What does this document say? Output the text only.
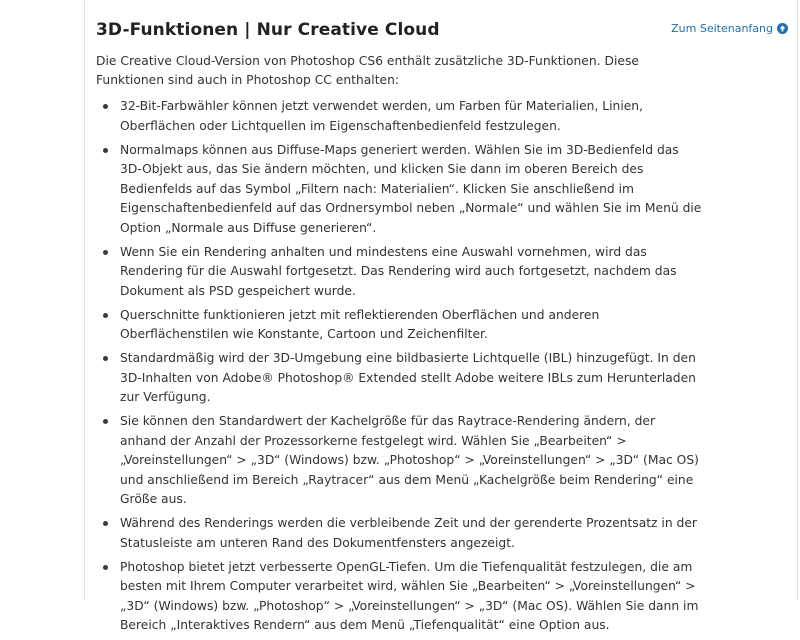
3D-Funktionen | Nur Creative Cloud	Zum Seitenanfang

Die Creative Cloud-Version von Photoshop CS6 enthält zusätzliche 3D-Funktionen. Diese Funktionen sind auch in Photoshop CC enthalten:

32-Bit-Farbwähler können jetzt verwendet werden, um Farben für Materialien, Linien, Oberflächen oder Lichtquellen im Eigenschaftenbedienfeld festzulegen.
Normalmaps können aus Diffuse-Maps generiert werden. Wählen Sie im 3D-Bedienfeld das 3D-Objekt aus, das Sie ändern möchten, und klicken Sie dann im oberen Bereich des Bedienfelds auf das Symbol „Filtern nach: Materialien“. Klicken Sie anschließend im Eigenschaftenbedienfeld auf das Ordnersymbol neben „Normale“ und wählen Sie im Menü die Option „Normale aus Diffuse generieren“.
Wenn Sie ein Rendering anhalten und mindestens eine Auswahl vornehmen, wird das Rendering für die Auswahl fortgesetzt. Das Rendering wird auch fortgesetzt, nachdem das Dokument als PSD gespeichert wurde.
Querschnitte funktionieren jetzt mit reflektierenden Oberflächen und anderen Oberflächenstilen wie Konstante, Cartoon und Zeichenfilter.
Standardmäßig wird der 3D-Umgebung eine bildbasierte Lichtquelle (IBL) hinzugefügt. In den 3D-Inhalten von Adobe® Photoshop® Extended stellt Adobe weitere IBLs zum Herunterladen zur Verfügung.
Sie können den Standardwert der Kachelgröße für das Raytrace-Rendering ändern, der anhand der Anzahl der Prozessorkerne festgelegt wird. Wählen Sie „Bearbeiten“ > „Voreinstellungen“ > „3D“ (Windows) bzw. „Photoshop“ > „Voreinstellungen“ > „3D“ (Mac OS) und anschließend im Bereich „Raytracer“ aus dem Menü „Kachelgröße beim Rendering“ eine Größe aus.
Während des Renderings werden die verbleibende Zeit und der gerenderte Prozentsatz in der Statusleiste am unteren Rand des Dokumentfensters angezeigt.
Photoshop bietet jetzt verbesserte OpenGL-Tiefen. Um die Tiefenqualität festzulegen, die am besten mit Ihrem Computer verarbeitet wird, wählen Sie „Bearbeiten“ > „Voreinstellungen“ > „3D“ (Windows) bzw. „Photoshop“ > „Voreinstellungen“ > „3D“ (Mac OS). Wählen Sie dann im Bereich „Interaktives Rendern“ aus dem Menü „Tiefenqualität“ eine Option aus.
